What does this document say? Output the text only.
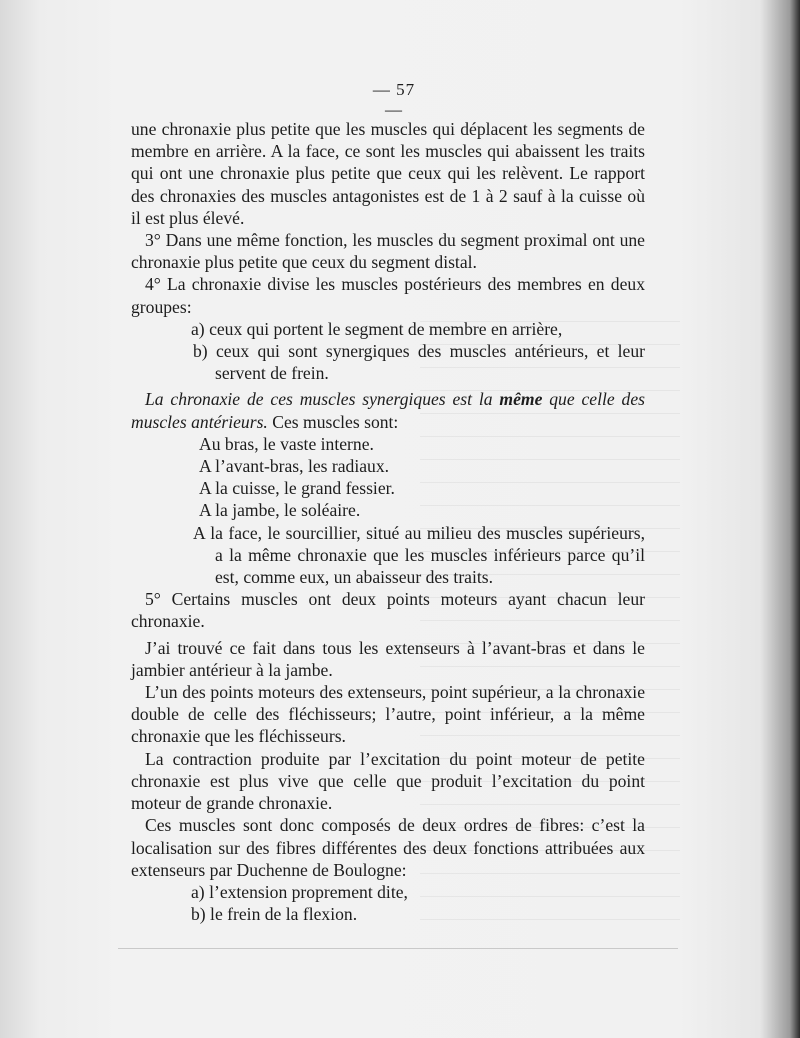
— 57 —

une chronaxie plus petite que les muscles qui déplacent les segments de membre en arrière. A la face, ce sont les muscles qui abaissent les traits qui ont une chronaxie plus petite que ceux qui les relèvent. Le rapport des chronaxies des muscles antagonistes est de 1 à 2 sauf à la cuisse où il est plus élevé.

3° Dans une même fonction, les muscles du segment proximal ont une chronaxie plus petite que ceux du segment distal.

4° La chronaxie divise les muscles postérieurs des membres en deux groupes:

a) ceux qui portent le segment de membre en arrière,
b) ceux qui sont synergiques des muscles antérieurs, et leur servent de frein.

La chronaxie de ces muscles synergiques est la même que celle des muscles antérieurs. Ces muscles sont:

Au bras, le vaste interne.
A l’avant-bras, les radiaux.
A la cuisse, le grand fessier.
A la jambe, le soléaire.
A la face, le sourcillier, situé au milieu des muscles supérieurs, a la même chronaxie que les muscles inférieurs parce qu’il est, comme eux, un abaisseur des traits.

5° Certains muscles ont deux points moteurs ayant chacun leur chronaxie.

J’ai trouvé ce fait dans tous les extenseurs à l’avant-bras et dans le jambier antérieur à la jambe.

L’un des points moteurs des extenseurs, point supérieur, a la chronaxie double de celle des fléchisseurs; l’autre, point inférieur, a la même chronaxie que les fléchisseurs.

La contraction produite par l’excitation du point moteur de petite chronaxie est plus vive que celle que produit l’excitation du point moteur de grande chronaxie.

Ces muscles sont donc composés de deux ordres de fibres: c’est la localisation sur des fibres différentes des deux fonctions attribuées aux extenseurs par Duchenne de Boulogne:

a) l’extension proprement dite,
b) le frein de la flexion.
